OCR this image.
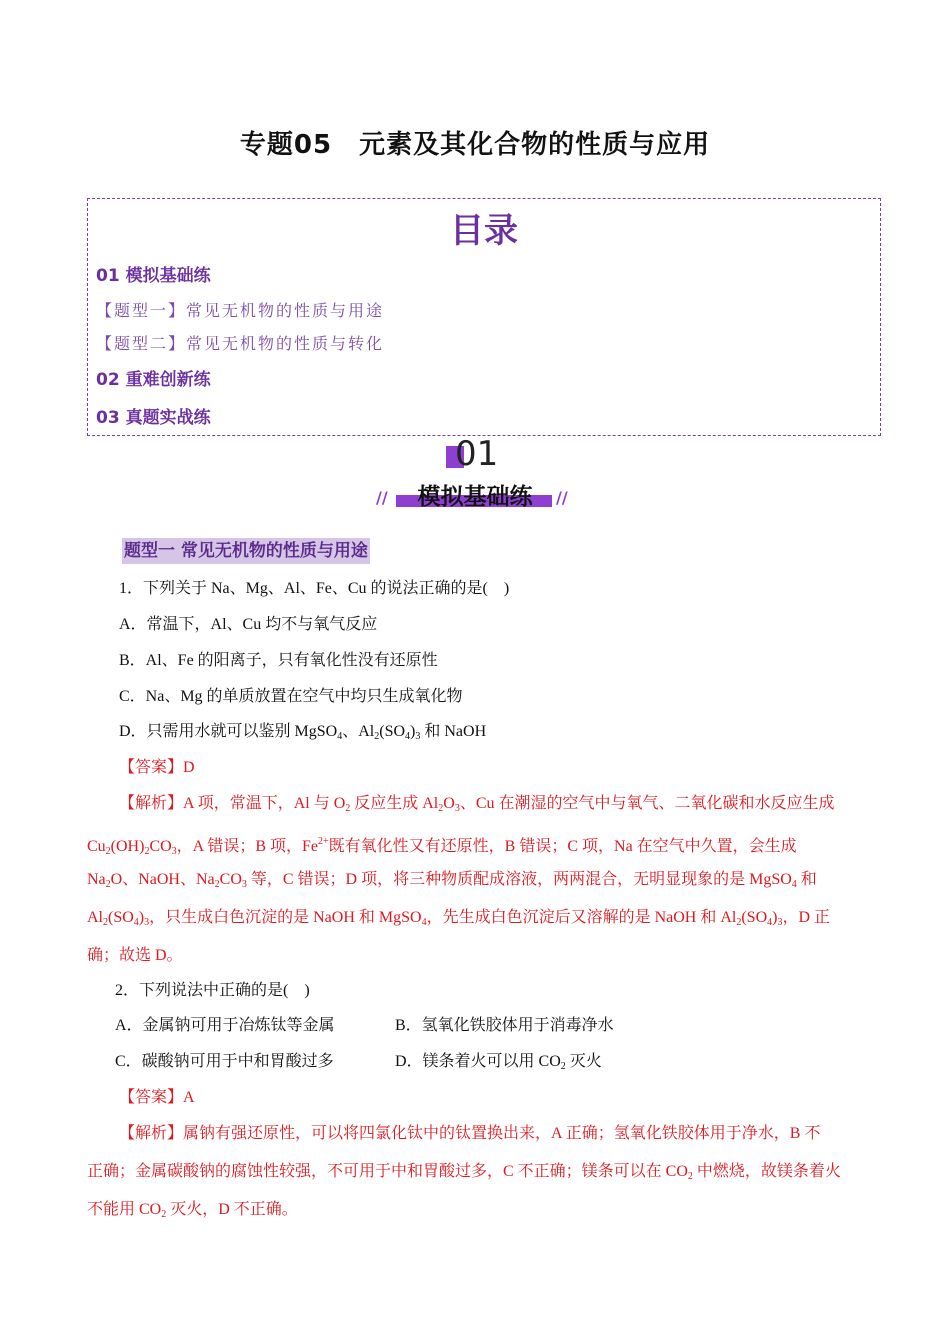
专题05　元素及其化合物的性质与应用
目录
01 模拟基础练
【题型一】常见无机物的性质与用途
【题型二】常见无机物的性质与转化
02 重难创新练
03 真题实战练
01
//	模拟基础练	//
题型一 常见无机物的性质与用途
1．下列关于 Na、Mg、Al、Fe、Cu 的说法正确的是(　)
A．常温下，Al、Cu 均不与氧气反应
B．Al、Fe 的阳离子，只有氧化性没有还原性
C．Na、Mg 的单质放置在空气中均只生成氧化物
D．只需用水就可以鉴别 MgSO$_4$、$Al_2(SO_4)_3$ 和 NaOH
【答案】D
【解析】A 项，常温下，Al 与 $O_2$ 反应生成 $Al_2O_3$、Cu 在潮湿的空气中与氧气、二氧化碳和水反应生成
$Cu_2(OH)_2CO_3$，A 错误；B 项，$Fe^{2+}$既有氧化性又有还原性，B 错误；C 项，Na 在空气中久置，会生成
$Na_2O$、NaOH、$Na_2CO_3$ 等，C 错误；D 项，将三种物质配成溶液，两两混合，无明显现象的是 MgSO$_4$ 和
$Al_2(SO_4)_3$，只生成白色沉淀的是 NaOH 和 MgSO$_4$，先生成白色沉淀后又溶解的是 NaOH 和 $Al_2(SO_4)_3$，D 正
确；故选 D。
2．下列说法中正确的是(　)
A．金属钠可用于冶炼钛等金属	B．氢氧化铁胶体用于消毒净水
C．碳酸钠可用于中和胃酸过多	D．镁条着火可以用 $CO_2$ 灭火
【答案】A
【解析】属钠有强还原性，可以将四氯化钛中的钛置换出来，A 正确；氢氧化铁胶体用于净水，B 不
正确；金属碳酸钠的腐蚀性较强，不可用于中和胃酸过多，C 不正确；镁条可以在 $CO_2$ 中燃烧，故镁条着火
不能用 $CO_2$ 灭火，D 不正确。
